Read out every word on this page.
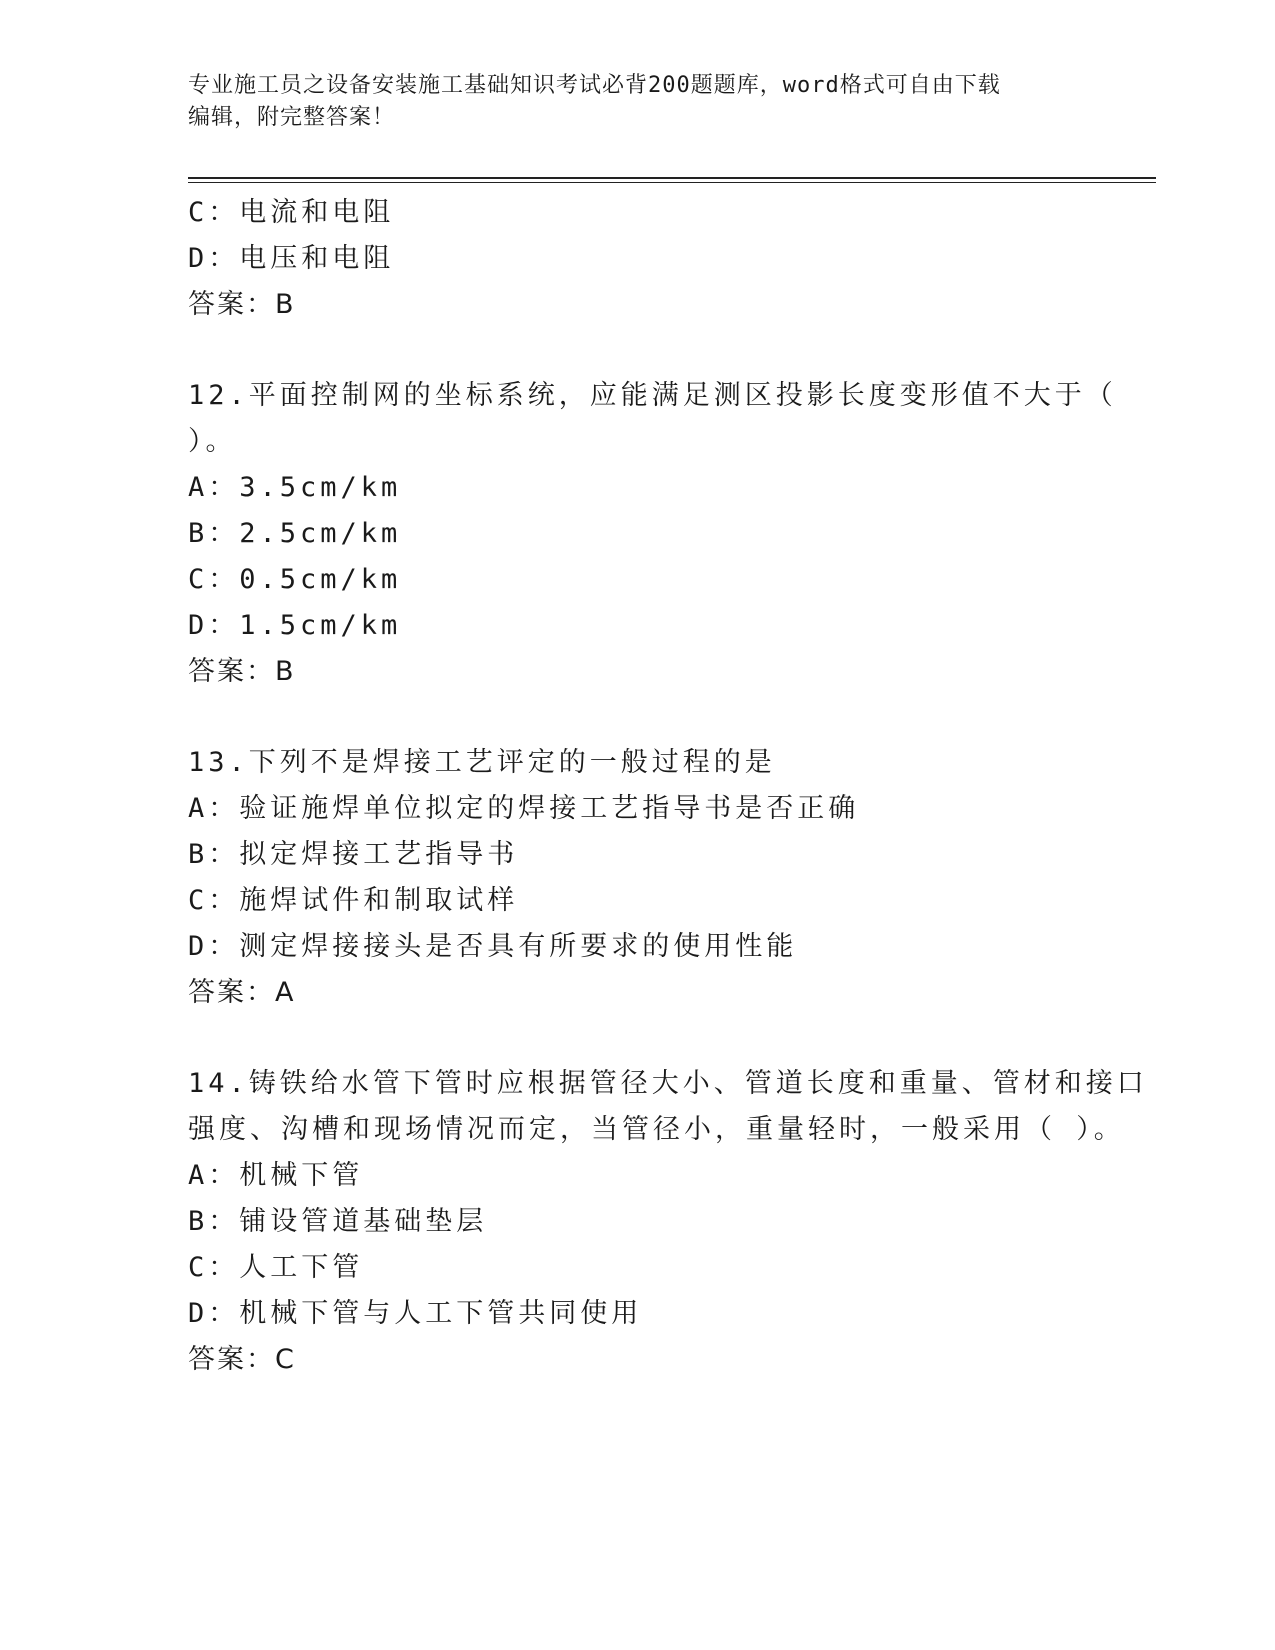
专业施工员之设备安装施工基础知识考试必背200题题库，word格式可自由下载
编辑，附完整答案！
C：电流和电阻
D：电压和电阻
答案：B
12.平面控制网的坐标系统，应能满足测区投影长度变形值不大于（
）。
A：3.5cm/km
B：2.5cm/km
C：0.5cm/km
D：1.5cm/km
答案：B
13.下列不是焊接工艺评定的一般过程的是
A：验证施焊单位拟定的焊接工艺指导书是否正确
B：拟定焊接工艺指导书
C：施焊试件和制取试样
D：测定焊接接头是否具有所要求的使用性能
答案：A
14.铸铁给水管下管时应根据管径大小、管道长度和重量、管材和接口
强度、沟槽和现场情况而定，当管径小，重量轻时，一般采用（ ）。
A：机械下管
B：铺设管道基础垫层
C：人工下管
D：机械下管与人工下管共同使用
答案：C
